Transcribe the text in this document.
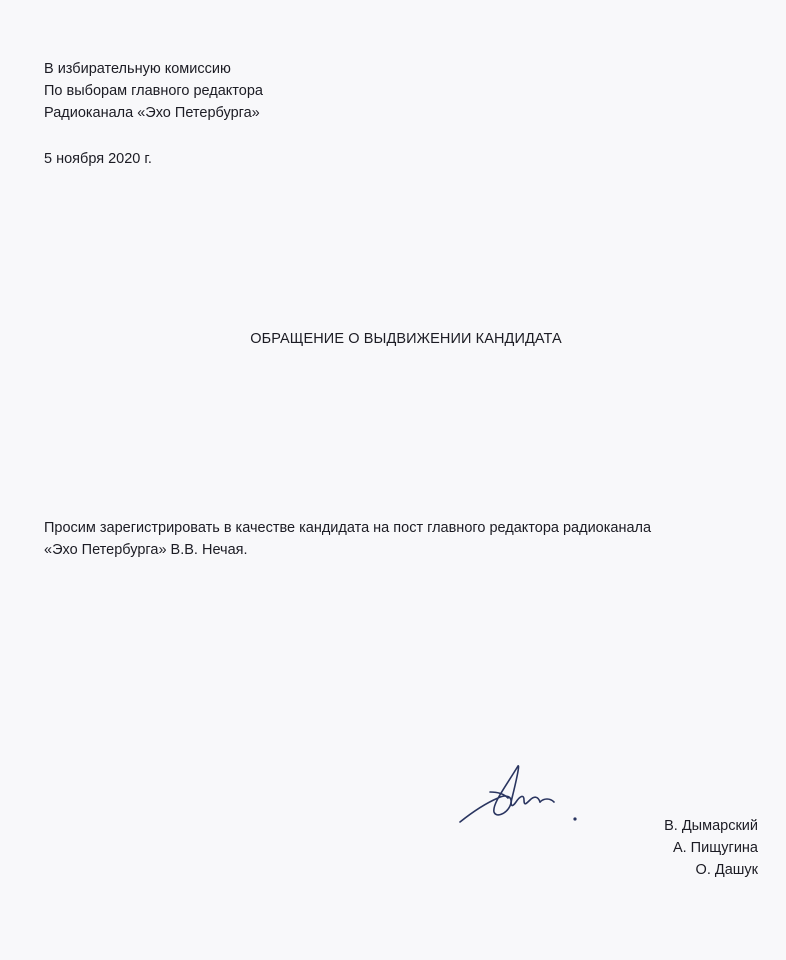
В избирательную комиссию
По выборам главного редактора
Радиоканала «Эхо Петербурга»
5 ноября 2020 г.
ОБРАЩЕНИЕ О ВЫДВИЖЕНИИ КАНДИДАТА
Просим зарегистрировать в качестве кандидата на пост главного редактора радиоканала
«Эхо Петербурга» В.В. Нечая.
В. Дымарский
А. Пищугина
О. Дашук
